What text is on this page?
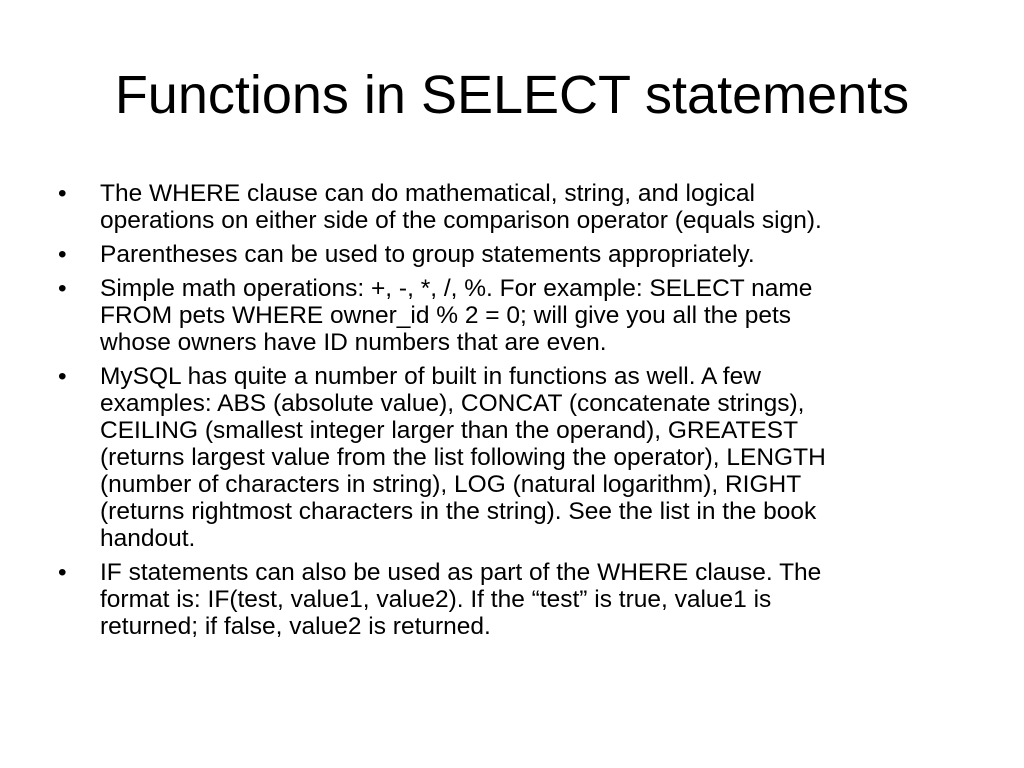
Functions in SELECT statements
•	The WHERE clause can do mathematical, string, and logical
operations on either side of the comparison operator (equals sign).
•	Parentheses can be used to group statements appropriately.
•	Simple math operations: +, -, *, /, %. For example: SELECT name
FROM pets WHERE owner_id % 2 = 0; will give you all the pets
whose owners have ID numbers that are even.
•	MySQL has quite a number of built in functions as well. A few
examples: ABS (absolute value), CONCAT (concatenate strings),
CEILING (smallest integer larger than the operand), GREATEST
(returns largest value from the list following the operator), LENGTH
(number of characters in string), LOG (natural logarithm), RIGHT
(returns rightmost characters in the string). See the list in the book
handout.
•	IF statements can also be used as part of the WHERE clause. The
format is: IF(test, value1, value2). If the “test” is true, value1 is
returned; if false, value2 is returned.
